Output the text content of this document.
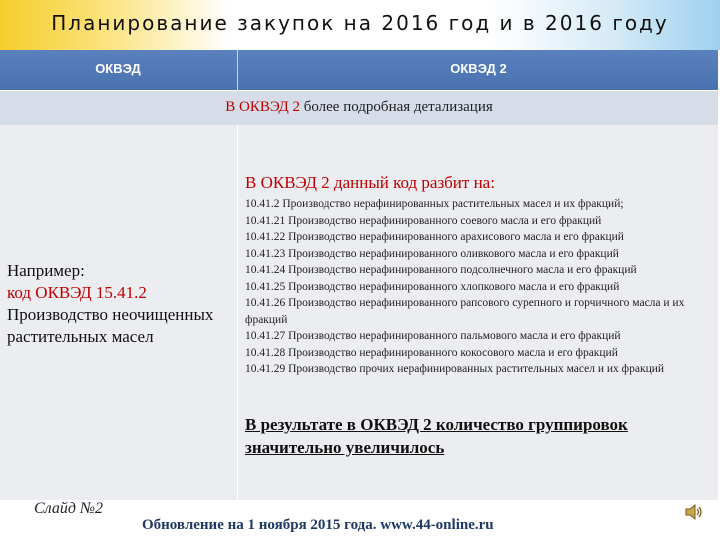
Планирование закупок на 2016 год и в 2016 году
ОКВЭД	ОКВЭД 2
В ОКВЭД 2 более подробная детализация
Например:
код ОКВЭД 15.41.2
Производство неочищенных растительных масел
В ОКВЭД 2 данный код разбит на:
10.41.2 Производство нерафинированных растительных масел и их фракций;
10.41.21 Производство нерафинированного соевого масла и его фракций
10.41.22 Производство нерафинированного арахисового масла и его фракций
10.41.23 Производство нерафинированного оливкового масла и его фракций
10.41.24 Производство нерафинированного подсолнечного масла и его фракций
10.41.25 Производство нерафинированного хлопкового масла и его фракций
10.41.26 Производство нерафинированного рапсового сурепного и горчичного масла и их фракций
10.41.27 Производство нерафинированного пальмового масла и его фракций
10.41.28 Производство нерафинированного кокосового масла и его фракций
10.41.29 Производство прочих нерафинированных растительных масел и их фракций
В результате в ОКВЭД 2 количество группировок значительно увеличилось
Слайд №2
Обновление на 1 ноября 2015 года. www.44-online.ru
